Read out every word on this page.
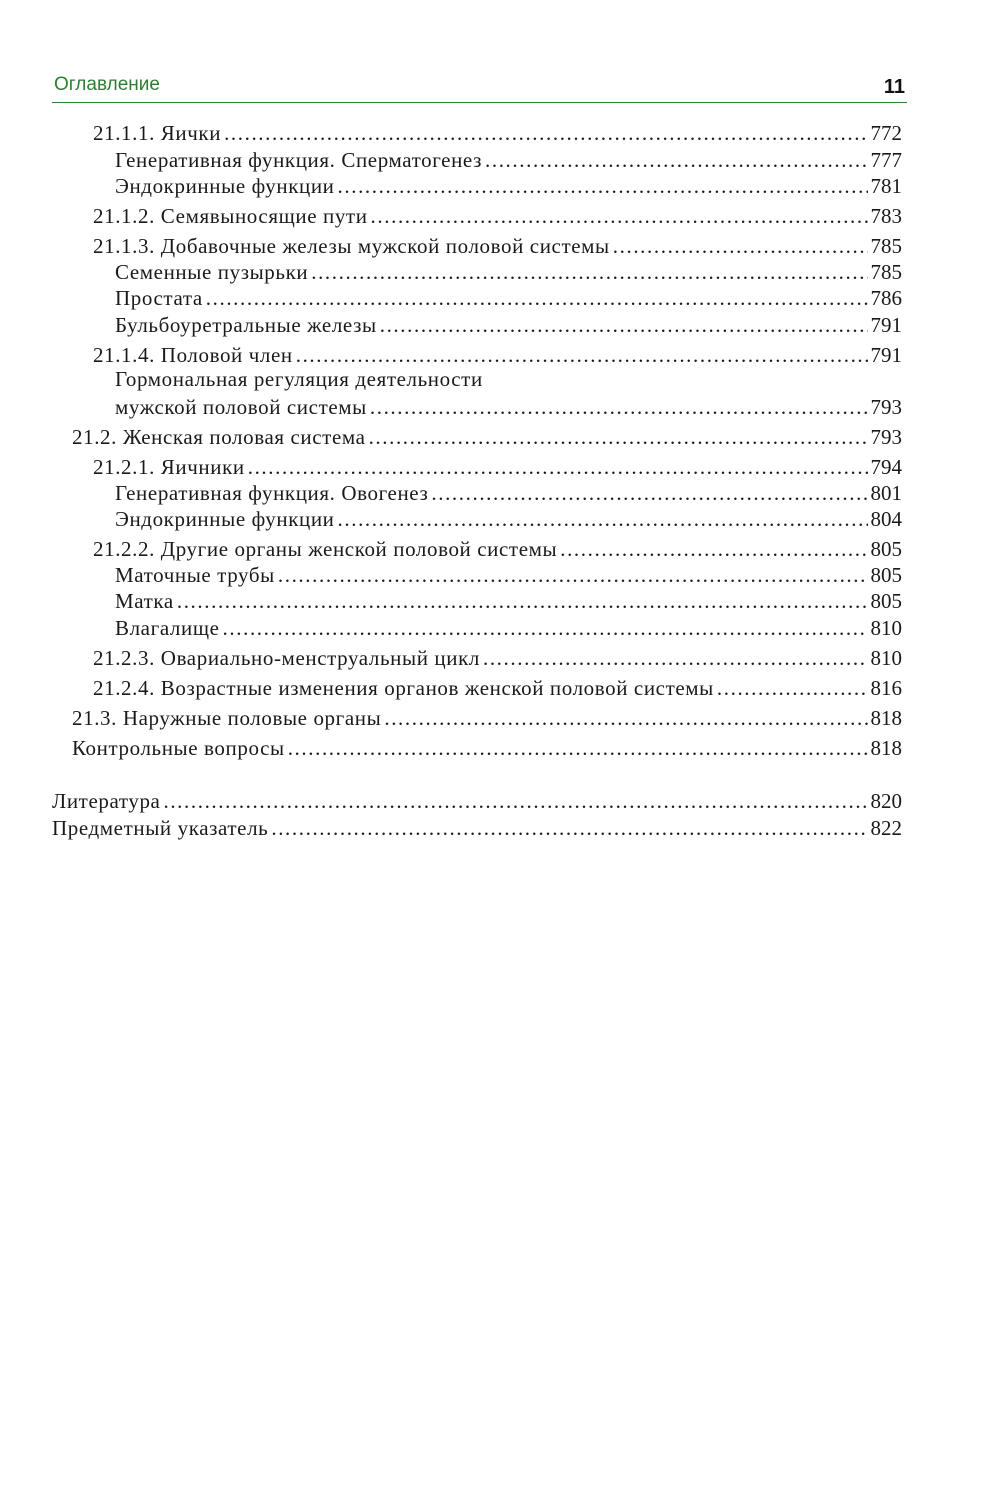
Оглавление	11
21.1.1. Яички .....	772
Генеративная функция. Сперматогенез .....	777
Эндокринные функции .....	781
21.1.2. Семявыносящие пути .....	783
21.1.3. Добавочные железы мужской половой системы .....	785
Семенные пузырьки .....	785
Простата .....	786
Бульбоуретральные железы .....	791
21.1.4. Половой член .....	791
Гормональная регуляция деятельности
мужской половой системы .....	793
21.2. Женская половая система .....	793
21.2.1. Яичники .....	794
Генеративная функция. Овогенез .....	801
Эндокринные функции .....	804
21.2.2. Другие органы женской половой системы .....	805
Маточные трубы .....	805
Матка .....	805
Влагалище .....	810
21.2.3. Овариально-менструальный цикл .....	810
21.2.4. Возрастные изменения органов женской половой системы .....	816
21.3. Наружные половые органы .....	818
Контрольные вопросы .....	818
Литература .....	820
Предметный указатель .....	822
